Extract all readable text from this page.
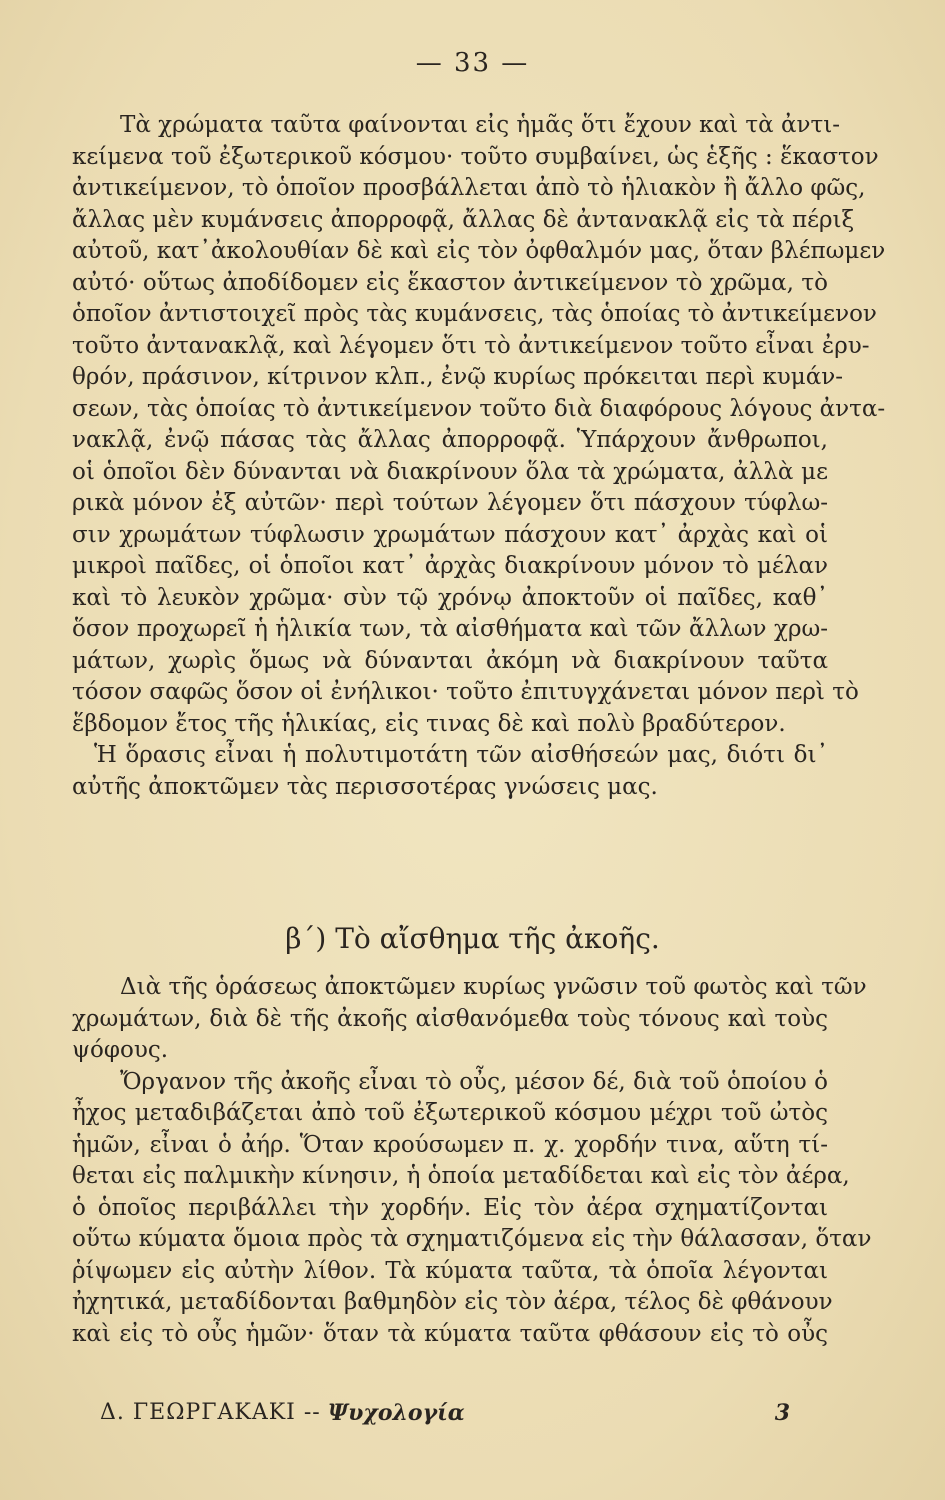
— 33 —
Τὰ χρώματα ταῦτα φαίνονται εἰς ἡμᾶς ὅτι ἔχουν καὶ τὰ ἀντι-
κείμενα τοῦ ἐξωτερικοῦ κόσμου· τοῦτο συμβαίνει, ὡς ἑξῆς : ἕκαστον
ἀντικείμενον, τὸ ὁποῖον προσβάλλεται ἀπὸ τὸ ἡλιακὸν ἢ ἄλλο φῶς,
ἄλλας μὲν κυμάνσεις ἀπορροφᾷ, ἄλλας δὲ ἀντανακλᾷ εἰς τὰ πέριξ
αὐτοῦ, κατ᾽ἀκολουθίαν δὲ καὶ εἰς τὸν ὀφθαλμόν μας, ὅταν βλέπωμεν
αὐτό· οὕτως ἀποδίδομεν εἰς ἕκαστον ἀντικείμενον τὸ χρῶμα, τὸ
ὁποῖον ἀντιστοιχεῖ πρὸς τὰς κυμάνσεις, τὰς ὁποίας τὸ ἀντικείμενον
τοῦτο ἀντανακλᾷ, καὶ λέγομεν ὅτι τὸ ἀντικείμενον τοῦτο εἶναι ἐρυ-
θρόν, πράσινον, κίτρινον κλπ., ἐνῷ κυρίως πρόκειται περὶ κυμάν-
σεων, τὰς ὁποίας τὸ ἀντικείμενον τοῦτο διὰ διαφόρους λόγους ἀντα-
νακλᾷ, ἐνῷ πάσας τὰς ἄλλας ἀπορροφᾷ. Ὑπάρχουν ἄνθρωποι,
οἱ ὁποῖοι δὲν δύνανται νὰ διακρίνουν ὅλα τὰ χρώματα, ἀλλὰ με
ρικὰ μόνον ἐξ αὐτῶν· περὶ τούτων λέγομεν ὅτι πάσχουν τύφλω-
σιν χρωμάτων τύφλωσιν χρωμάτων πάσχουν κατ᾽ ἀρχὰς καὶ οἱ
μικροὶ παῖδες, οἱ ὁποῖοι κατ᾽ ἀρχὰς διακρίνουν μόνον τὸ μέλαν
καὶ τὸ λευκὸν χρῶμα· σὺν τῷ χρόνῳ ἀποκτοῦν οἱ παῖδες, καθ᾽
ὅσον προχωρεῖ ἡ ἡλικία των, τὰ αἰσθήματα καὶ τῶν ἄλλων χρω-
μάτων, χωρὶς ὅμως νὰ δύνανται ἀκόμη νὰ διακρίνουν ταῦτα
τόσον σαφῶς ὅσον οἱ ἐνήλικοι· τοῦτο ἐπιτυγχάνεται μόνον περὶ τὸ
ἕβδομον ἔτος τῆς ἡλικίας, εἰς τινας δὲ καὶ πολὺ βραδύτερον.
Ἡ ὅρασις εἶναι ἡ πολυτιμοτάτη τῶν αἰσθήσεών μας, διότι δι᾽
αὐτῆς ἀποκτῶμεν τὰς περισσοτέρας γνώσεις μας.
β΄) Τὸ αἴσθημα τῆς ἀκοῆς.
Διὰ τῆς ὁράσεως ἀποκτῶμεν κυρίως γνῶσιν τοῦ φωτὸς καὶ τῶν
χρωμάτων, διὰ δὲ τῆς ἀκοῆς αἰσθανόμεθα τοὺς τόνους καὶ τοὺς
ψόφους.
Ὄργανον τῆς ἀκοῆς εἶναι τὸ οὖς, μέσον δέ, διὰ τοῦ ὁποίου ὁ
ἦχος μεταδιβάζεται ἀπὸ τοῦ ἐξωτερικοῦ κόσμου μέχρι τοῦ ὠτὸς
ἡμῶν, εἶναι ὁ ἀήρ. Ὅταν κρούσωμεν π. χ. χορδήν τινα, αὕτη τί-
θεται εἰς παλμικὴν κίνησιν, ἡ ὁποία μεταδίδεται καὶ εἰς τὸν ἀέρα,
ὁ ὁποῖος περιβάλλει τὴν χορδήν. Εἰς τὸν ἀέρα σχηματίζονται
οὕτω κύματα ὅμοια πρὸς τὰ σχηματιζόμενα εἰς τὴν θάλασσαν, ὅταν
ῥίψωμεν εἰς αὐτὴν λίθον. Τὰ κύματα ταῦτα, τὰ ὁποῖα λέγονται
ἠχητικά, μεταδίδονται βαθμηδὸν εἰς τὸν ἀέρα, τέλος δὲ φθάνουν
καὶ εἰς τὸ οὖς ἡμῶν· ὅταν τὰ κύματα ταῦτα φθάσουν εἰς τὸ οὖς
Δ. ΓΕΩΡΓΑΚΑΚΙ -- Ψυχολογία	3
